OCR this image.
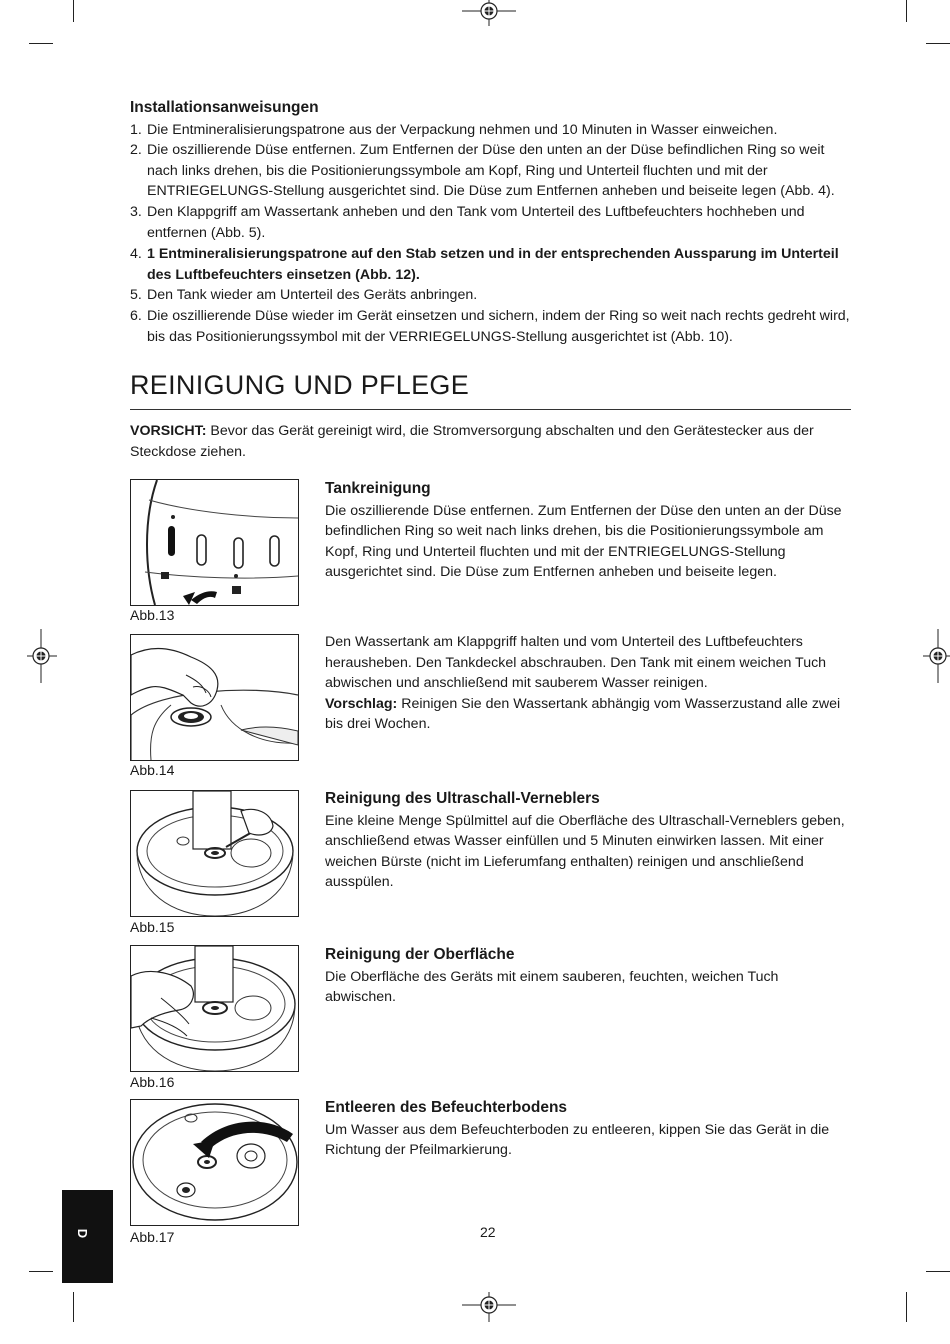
Installationsanweisungen
1. Die Entmineralisierungspatrone aus der Verpackung nehmen und 10 Minuten in Wasser einweichen.
2. Die oszillierende Düse entfernen. Zum Entfernen der Düse den unten an der Düse befindlichen Ring so weit nach links drehen, bis die Positionierungssymbole am Kopf, Ring und Unterteil fluchten und mit der ENTRIEGELUNGS-Stellung ausgerichtet sind. Die Düse zum Entfernen anheben und beiseite legen (Abb. 4).
3. Den Klappgriff am Wassertank anheben und den Tank vom Unterteil des Luftbefeuchters hochheben und entfernen (Abb. 5).
4. 1 Entmineralisierungspatrone auf den Stab setzen und in der entsprechenden Aussparung im Unterteil des Luftbefeuchters einsetzen (Abb. 12).
5. Den Tank wieder am Unterteil des Geräts anbringen.
6. Die oszillierende Düse wieder im Gerät einsetzen und sichern, indem der Ring so weit nach rechts gedreht wird, bis das Positionierungssymbol mit der VERRIEGELUNGS-Stellung ausgerichtet ist (Abb. 10).
REINIGUNG UND PFLEGE

VORSICHT: Bevor das Gerät gereinigt wird, die Stromversorgung abschalten und den Gerätestecker aus der Steckdose ziehen.

Abb.13
Abb.14
Abb.15
Abb.16
Abb.17
Tankreinigung

Die oszillierende Düse entfernen. Zum Entfernen der Düse den unten an der Düse befindlichen Ring so weit nach links drehen, bis die Positionierungssymbole am Kopf, Ring und Unterteil fluchten und mit der ENTRIEGELUNGS-Stellung ausgerichtet sind. Die Düse zum Entfernen anheben und beiseite legen.

Den Wassertank am Klappgriff halten und vom Unterteil des Luftbefeuchters herausheben. Den Tankdeckel abschrauben. Den Tank mit einem weichen Tuch abwischen und anschließend mit sauberem Wasser reinigen.

Vorschlag: Reinigen Sie den Wassertank abhängig vom Wasserzustand alle zwei bis drei Wochen.

Reinigung des Ultraschall-Verneblers

Eine kleine Menge Spülmittel auf die Oberfläche des Ultraschall-Verneblers geben, anschließend etwas Wasser einfüllen und 5 Minuten einwirken lassen. Mit einer weichen Bürste (nicht im Lieferumfang enthalten) reinigen und anschließend ausspülen.

Reinigung der Oberfläche

Die Oberfläche des Geräts mit einem sauberen, feuchten, weichen Tuch abwischen.

Entleeren des Befeuchterbodens

Um Wasser aus dem Befeuchterboden zu entleeren, kippen Sie das Gerät in die Richtung der Pfeilmarkierung.

D	22
